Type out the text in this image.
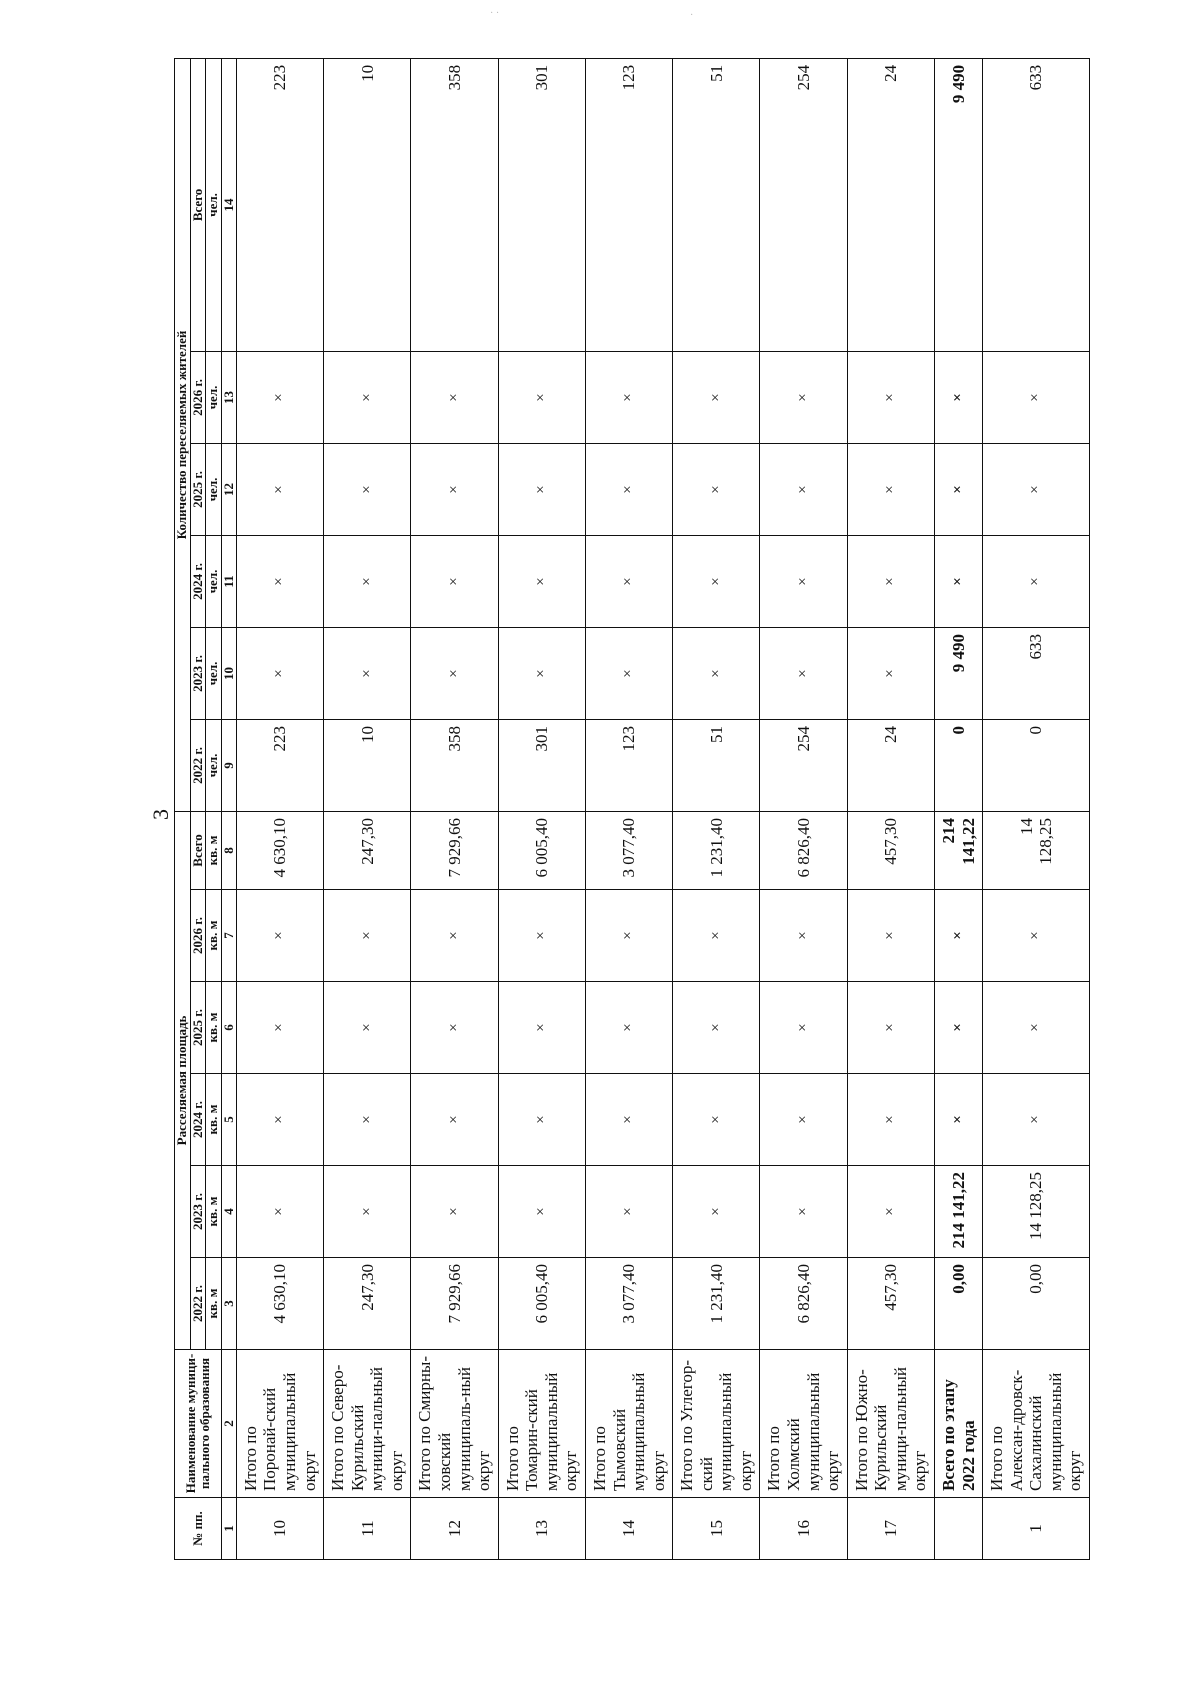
3
№ пп.	Наименование муници-пального образования	Расселяемая площадь						Количество переселяемых жителей					
		2022 г.	2023 г.	2024 г.	2025 г.	2026 г.	Всего	2022 г.	2023 г.	2024 г.	2025 г.	2026 г.	Всего
		кв. м	кв. м	кв. м	кв. м	кв. м	кв. м	чел.	чел.	чел.	чел.	чел.	чел.
1	2	3	4	5	6	7	8	9	10	11	12	13	14
10	Итого по Поронай-ский муниципальный округ	4 630,10	×	×	×	×	4 630,10	223	×	×	×	×	223
11	Итого по Северо-Курильский муници-пальный округ	247,30	×	×	×	×	247,30	10	×	×	×	×	10
12	Итого по Смирны-ховский муниципаль-ный округ	7 929,66	×	×	×	×	7 929,66	358	×	×	×	×	358
13	Итого по Томарин-ский муниципальный округ	6 005,40	×	×	×	×	6 005,40	301	×	×	×	×	301
14	Итого по Тымовский муниципальный округ	3 077,40	×	×	×	×	3 077,40	123	×	×	×	×	123
15	Итого по Углегор-ский муниципальный округ	1 231,40	×	×	×	×	1 231,40	51	×	×	×	×	51
16	Итого по Холмский муниципальный округ	6 826,40	×	×	×	×	6 826,40	254	×	×	×	×	254
17	Итого по Южно-Курильский муници-пальный округ	457,30	×	×	×	×	457,30	24	×	×	×	×	24
	Всего по этапу 2022 года	0,00	214 141,22	×	×	×	214 141,22	0	9 490	×	×	×	9 490
1	Итого по Алексан-дровск-Сахалинский муниципальный округ	0,00	14 128,25	×	×	×	14 128,25	0	633	×	×	×	633
· ·	·
